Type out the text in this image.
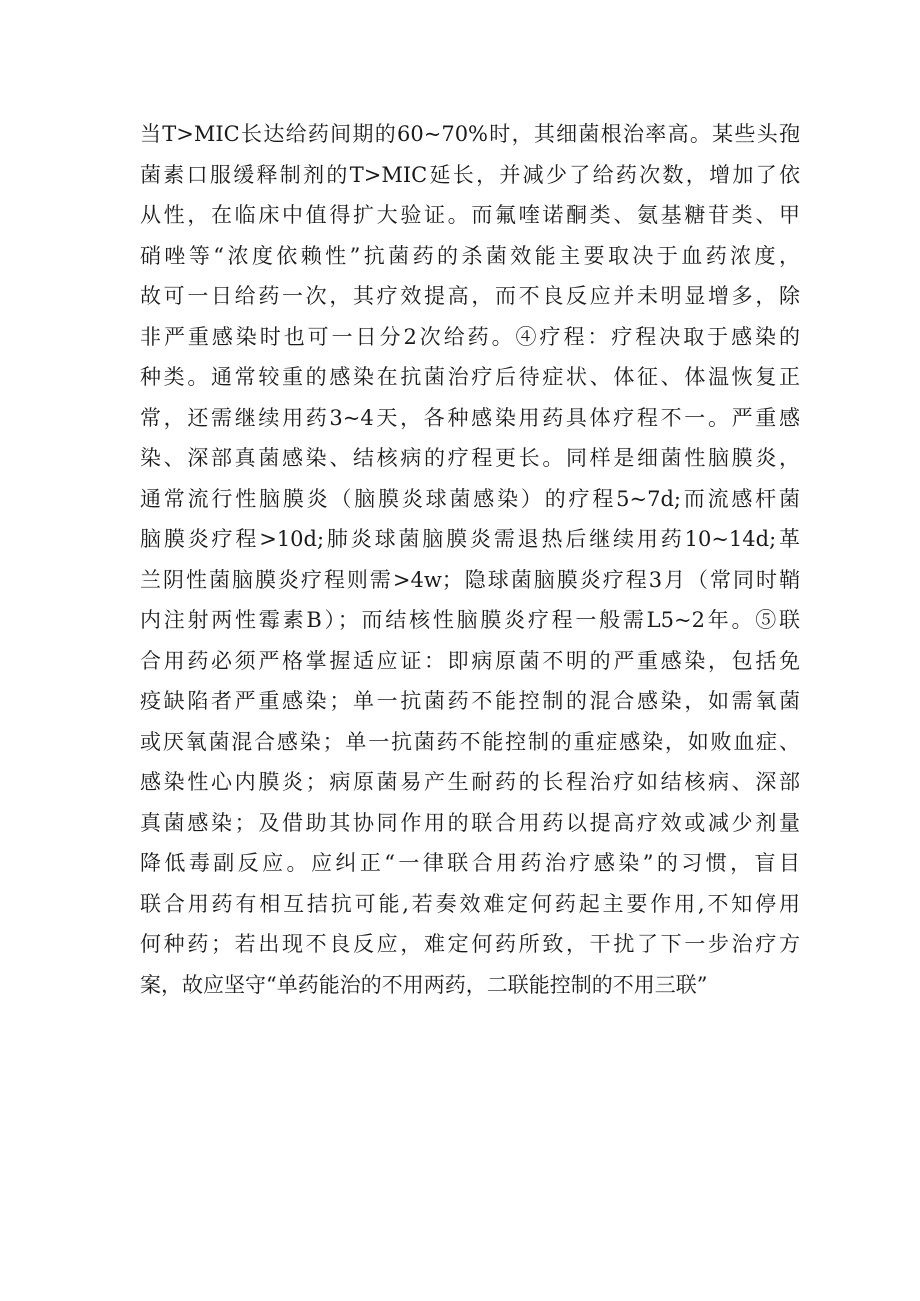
当T>MIC长达给药间期的60~70%时，其细菌根治率高。某些头孢
菌素口服缓释制剂的T>MIC延长，并减少了给药次数，增加了依
从性，在临床中值得扩大验证。而氟喹诺酮类、氨基糖苷类、甲
硝唑等“浓度依赖性”抗菌药的杀菌效能主要取决于血药浓度，
故可一日给药一次，其疗效提高，而不良反应并未明显增多，除
非严重感染时也可一日分2次给药。④疗程：疗程决取于感染的
种类。通常较重的感染在抗菌治疗后待症状、体征、体温恢复正
常，还需继续用药3~4天，各种感染用药具体疗程不一。严重感
染、深部真菌感染、结核病的疗程更长。同样是细菌性脑膜炎，
通常流行性脑膜炎（脑膜炎球菌感染）的疗程5~7d;而流感杆菌
脑膜炎疗程>10d;肺炎球菌脑膜炎需退热后继续用药10~14d;革
兰阴性菌脑膜炎疗程则需>4w；隐球菌脑膜炎疗程3月（常同时鞘
内注射两性霉素B）；而结核性脑膜炎疗程一般需L5~2年。⑤联
合用药必须严格掌握适应证：即病原菌不明的严重感染，包括免
疫缺陷者严重感染；单一抗菌药不能控制的混合感染，如需氧菌
或厌氧菌混合感染；单一抗菌药不能控制的重症感染，如败血症、
感染性心内膜炎；病原菌易产生耐药的长程治疗如结核病、深部
真菌感染；及借助其协同作用的联合用药以提高疗效或减少剂量
降低毒副反应。应纠正“一律联合用药治疗感染”的习惯，盲目
联合用药有相互拮抗可能,若奏效难定何药起主要作用,不知停用
何种药；若出现不良反应，难定何药所致，干扰了下一步治疗方
案，故应坚守“单药能治的不用两药，二联能控制的不用三联”
